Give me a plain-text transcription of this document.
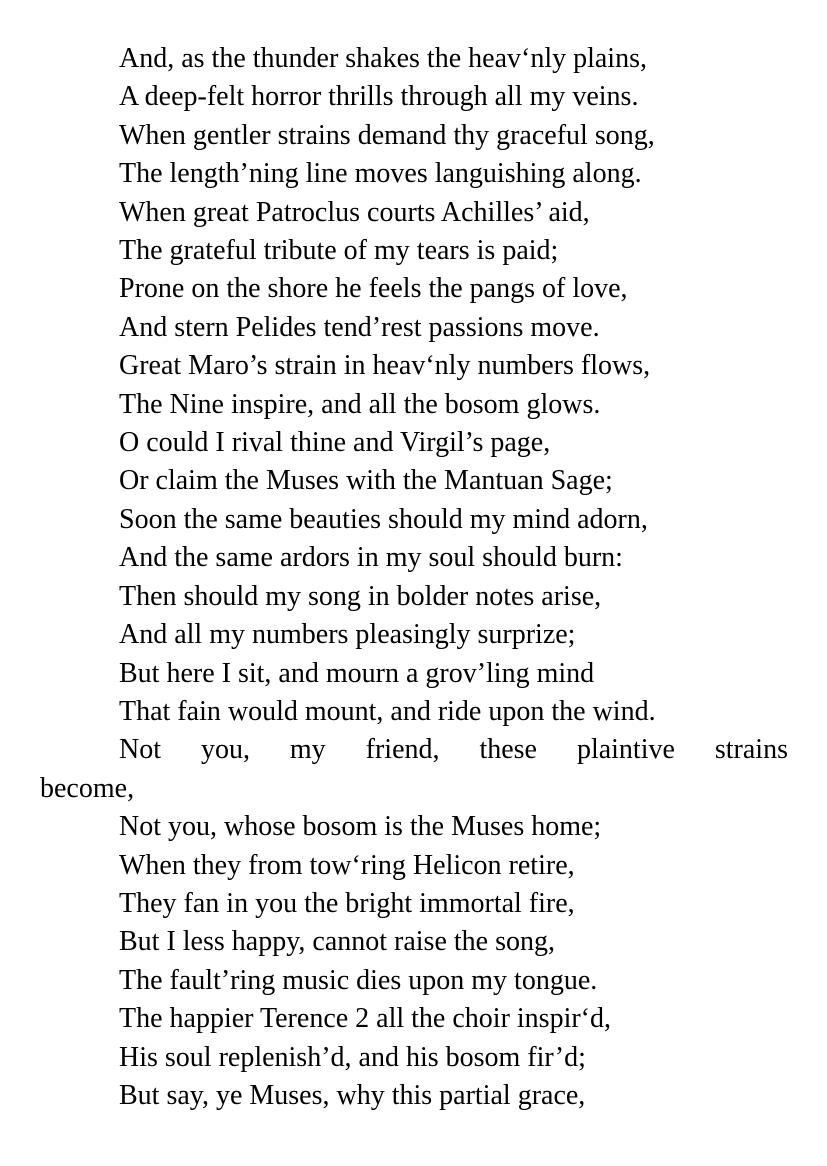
And, as the thunder shakes the heav‘nly plains,
A deep-felt horror thrills through all my veins.
When gentler strains demand thy graceful song,
The length’ning line moves languishing along.
When great Patroclus courts Achilles’ aid,
The grateful tribute of my tears is paid;
Prone on the shore he feels the pangs of love,
And stern Pelides tend’rest passions move.
Great Maro’s strain in heav‘nly numbers flows,
The Nine inspire, and all the bosom glows.
O could I rival thine and Virgil’s page,
Or claim the Muses with the Mantuan Sage;
Soon the same beauties should my mind adorn,
And the same ardors in my soul should burn:
Then should my song in bolder notes arise,
And all my numbers pleasingly surprize;
But here I sit, and mourn a grov’ling mind
That fain would mount, and ride upon the wind.
Not you, my friend, these plaintive strains
become,
Not you, whose bosom is the Muses home;
When they from tow‘ring Helicon retire,
They fan in you the bright immortal fire,
But I less happy, cannot raise the song,
The fault’ring music dies upon my tongue.
The happier Terence 2 all the choir inspir‘d,
His soul replenish’d, and his bosom fir’d;
But say, ye Muses, why this partial grace,
